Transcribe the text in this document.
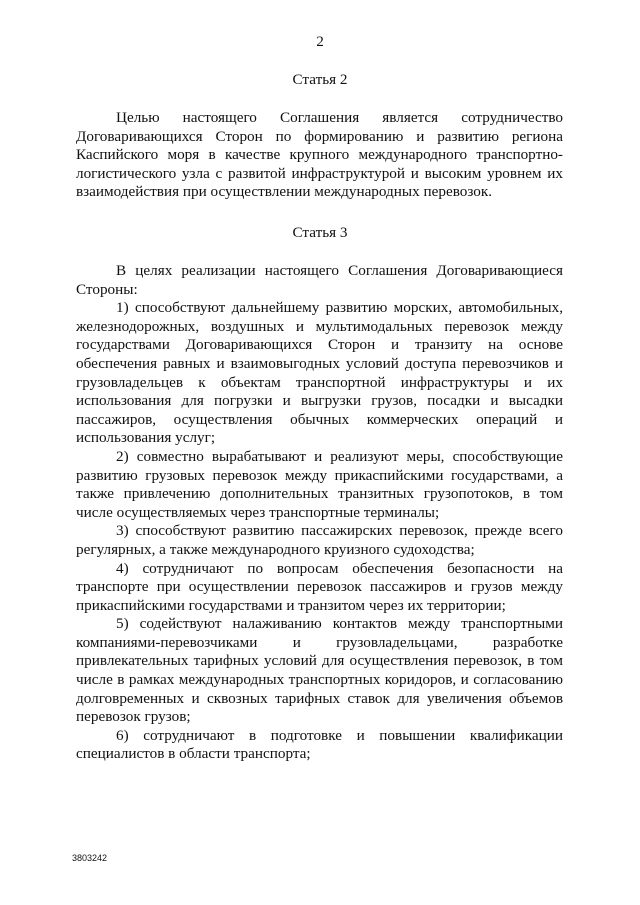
2
Статья 2

Целью настоящего Соглашения является сотрудничество Договаривающихся Сторон по формированию и развитию региона Каспийского моря в качестве крупного международного транспортно-логистического узла с развитой инфраструктурой и высоким уровнем их взаимодействия при осуществлении международных перевозок.

Статья 3

В целях реализации настоящего Соглашения Договаривающиеся Стороны:

1) способствуют дальнейшему развитию морских, автомобильных, железнодорожных, воздушных и мультимодальных перевозок между государствами Договаривающихся Сторон и транзиту на основе обеспечения равных и взаимовыгодных условий доступа перевозчиков и грузовладельцев к объектам транспортной инфраструктуры и их использования для погрузки и выгрузки грузов, посадки и высадки пассажиров, осуществления обычных коммерческих операций и использования услуг;

2) совместно вырабатывают и реализуют меры, способствующие развитию грузовых перевозок между прикаспийскими государствами, а также привлечению дополнительных транзитных грузопотоков, в том числе осуществляемых через транспортные терминалы;

3) способствуют развитию пассажирских перевозок, прежде всего регулярных, а также международного круизного судоходства;

4) сотрудничают по вопросам обеспечения безопасности на транспорте при осуществлении перевозок пассажиров и грузов между прикаспийскими государствами и транзитом через их территории;

5) содействуют налаживанию контактов между транспортными компаниями-перевозчиками и грузовладельцами, разработке привлекательных тарифных условий для осуществления перевозок, в том числе в рамках международных транспортных коридоров, и согласованию долговременных и сквозных тарифных ставок для увеличения объемов перевозок грузов;

6) сотрудничают в подготовке и повышении квалификации специалистов в области транспорта;

3803242
